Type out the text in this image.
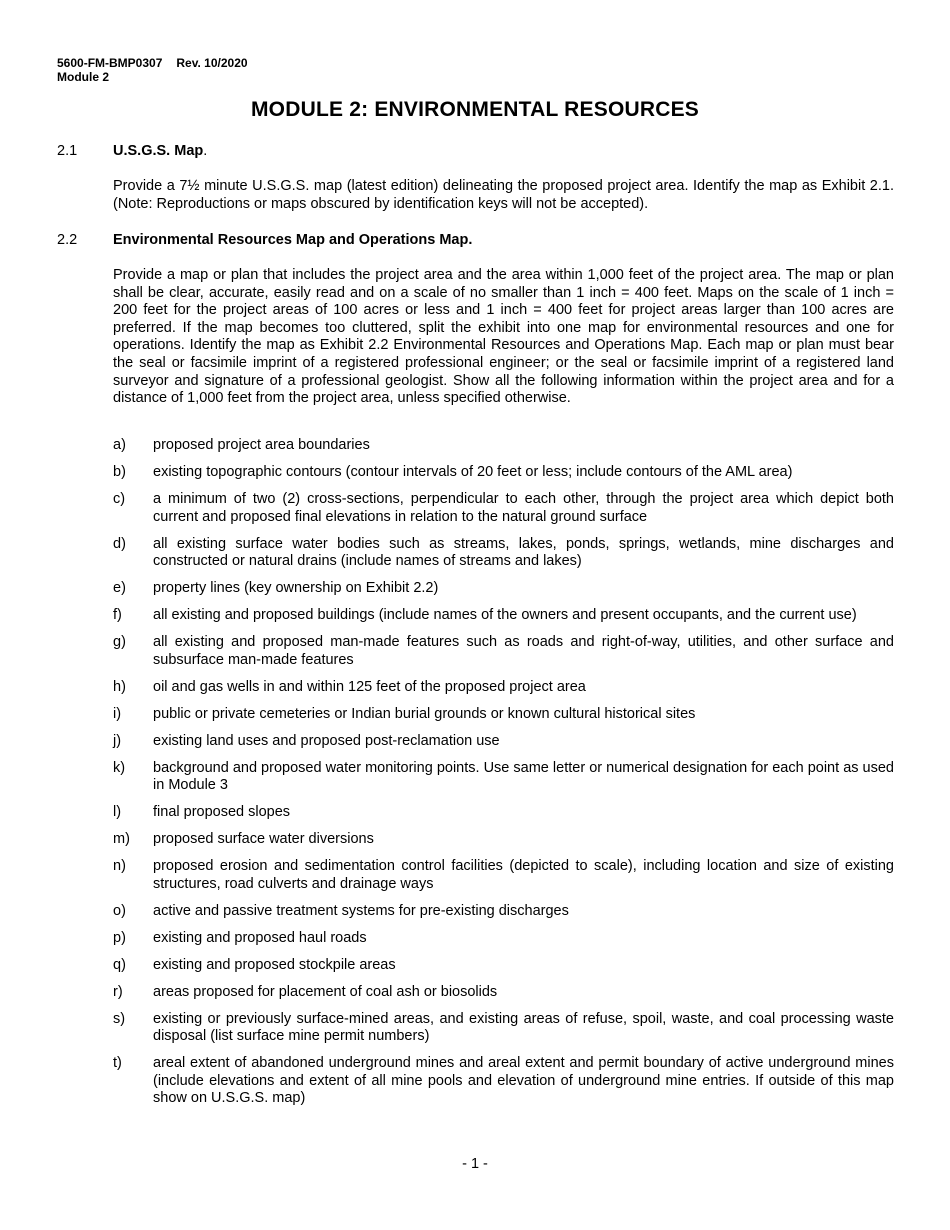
5600-FM-BMP0307 Rev. 10/2020
Module 2
MODULE 2: ENVIRONMENTAL RESOURCES
2.1 U.S.G.S. Map.
Provide a 7½ minute U.S.G.S. map (latest edition) delineating the proposed project area. Identify the map as Exhibit 2.1. (Note: Reproductions or maps obscured by identification keys will not be accepted).
2.2 Environmental Resources Map and Operations Map.
Provide a map or plan that includes the project area and the area within 1,000 feet of the project area. The map or plan shall be clear, accurate, easily read and on a scale of no smaller than 1 inch = 400 feet. Maps on the scale of 1 inch = 200 feet for the project areas of 100 acres or less and 1 inch = 400 feet for project areas larger than 100 acres are preferred. If the map becomes too cluttered, split the exhibit into one map for environmental resources and one for operations. Identify the map as Exhibit 2.2 Environmental Resources and Operations Map. Each map or plan must bear the seal or facsimile imprint of a registered professional engineer; or the seal or facsimile imprint of a registered land surveyor and signature of a professional geologist. Show all the following information within the project area and for a distance of 1,000 feet from the project area, unless specified otherwise.
a)	proposed project area boundaries
b)	existing topographic contours (contour intervals of 20 feet or less; include contours of the AML area)
c)	a minimum of two (2) cross-sections, perpendicular to each other, through the project area which depict both current and proposed final elevations in relation to the natural ground surface
d)	all existing surface water bodies such as streams, lakes, ponds, springs, wetlands, mine discharges and constructed or natural drains (include names of streams and lakes)
e)	property lines (key ownership on Exhibit 2.2)
f)	all existing and proposed buildings (include names of the owners and present occupants, and the current use)
g)	all existing and proposed man-made features such as roads and right-of-way, utilities, and other surface and subsurface man-made features
h)	oil and gas wells in and within 125 feet of the proposed project area
i)	public or private cemeteries or Indian burial grounds or known cultural historical sites
j)	existing land uses and proposed post-reclamation use
k)	background and proposed water monitoring points. Use same letter or numerical designation for each point as used in Module 3
l)	final proposed slopes
m)	proposed surface water diversions
n)	proposed erosion and sedimentation control facilities (depicted to scale), including location and size of existing structures, road culverts and drainage ways
o)	active and passive treatment systems for pre-existing discharges
p)	existing and proposed haul roads
q)	existing and proposed stockpile areas
r)	areas proposed for placement of coal ash or biosolids
s)	existing or previously surface-mined areas, and existing areas of refuse, spoil, waste, and coal processing waste disposal (list surface mine permit numbers)
t)	areal extent of abandoned underground mines and areal extent and permit boundary of active underground mines (include elevations and extent of all mine pools and elevation of underground mine entries. If outside of this map show on U.S.G.S. map)
- 1 -
